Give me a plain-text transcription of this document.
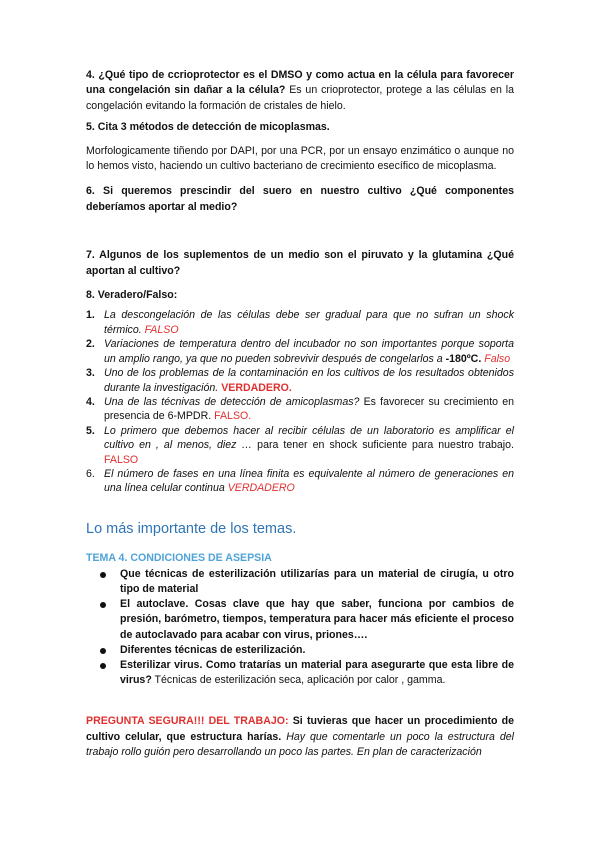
4. ¿Qué tipo de ccrioprotector es el DMSO y como actua en la célula para favorecer una congelación sin dañar a la célula? Es un crioprotector, protege a las células en la congelación evitando la formación de cristales de hielo.

5. Cita 3 métodos de detección de micoplasmas.

Morfologicamente tiñendo por DAPI, por una PCR, por un ensayo enzimático o aunque no lo hemos visto, haciendo un cultivo bacteriano de crecimiento esecífico de micoplasma.

6. Si queremos prescindir del suero en nuestro cultivo ¿Qué componentes deberíamos aportar al medio?

7. Algunos de los suplementos de un medio son el piruvato y la glutamina ¿Qué aportan al cultivo?

8. Veradero/Falso:

1. La descongelación de las células debe ser gradual para que no sufran un shock térmico. FALSO
2. Variaciones de temperatura dentro del incubador no son importantes porque soporta un amplio rango, ya que no pueden sobrevivir después de congelarlos a -180ºC. Falso
3. Uno de los problemas de la contaminación en los cultivos de los resultados obtenidos durante la investigación. VERDADERO.
4. Una de las técnivas de detección de amicoplasmas? Es favorecer su crecimiento en presencia de 6-MPDR. FALSO.
5. Lo primero que debemos hacer al recibir células de un laboratorio es amplificar el cultivo en , al menos, diez … para tener en shock suficiente para nuestro trabajo. FALSO
6. El número de fases en una línea finita es equivalente al número de generaciones en una línea celular continua VERDADERO
Lo más importante de los temas.
TEMA 4. CONDICIONES DE ASEPSIA
Que técnicas de esterilización utilizarías para un material de cirugía, u otro tipo de material
El autoclave. Cosas clave que hay que saber, funciona por cambios de presión, barómetro, tiempos, temperatura para hacer más eficiente el proceso de autoclavado para acabar con virus, priones….
Diferentes técnicas de esterilización.
Esterilizar virus. Como tratarías un material para asegurarte que esta libre de virus? Técnicas de esterilización seca, aplicación por calor , gamma.

PREGUNTA SEGURA!!! DEL TRABAJO: Si tuvieras que hacer un procedimiento de cultivo celular, que estructura harías. Hay que comentarle un poco la estructura del trabajo rollo guión pero desarrollando un poco las partes. En plan de caracterización
